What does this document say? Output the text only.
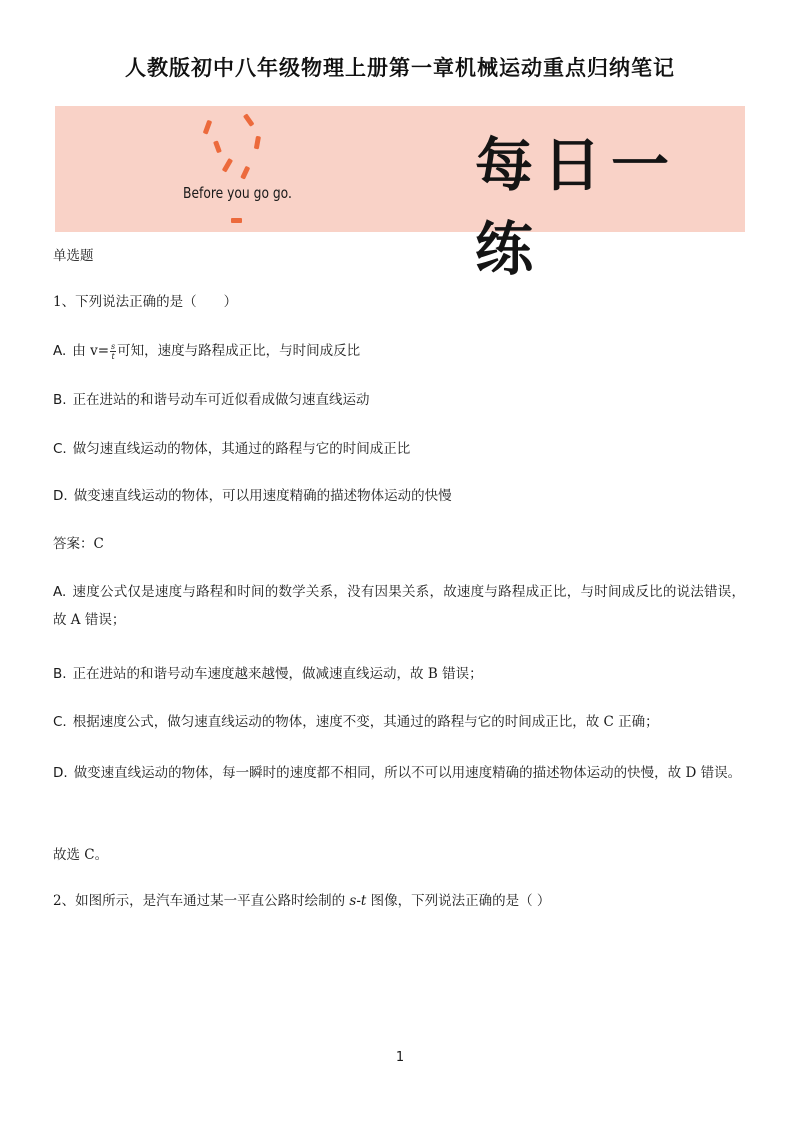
人教版初中八年级物理上册第一章机械运动重点归纳笔记
Before you go go.	每日一练
单选题
1、下列说法正确的是（　　）
A. 由 $v= \frac{s}{t}$ 可知，速度与路程成正比，与时间成反比
B. 正在进站的和谐号动车可近似看成做匀速直线运动
C. 做匀速直线运动的物体，其通过的路程与它的时间成正比
D. 做变速直线运动的物体，可以用速度精确的描述物体运动的快慢
答案：C
A. 速度公式仅是速度与路程和时间的数学关系，没有因果关系，故速度与路程成正比，与时间成反比的说法错误，故 A 错误；
B. 正在进站的和谐号动车速度越来越慢，做减速直线运动，故 B 错误；
C. 根据速度公式，做匀速直线运动的物体，速度不变，其通过的路程与它的时间成正比，故 C 正确；
D. 做变速直线运动的物体，每一瞬时的速度都不相同，所以不可以用速度精确的描述物体运动的快慢，故 D 错误。
故选 C。
2、如图所示，是汽车通过某一平直公路时绘制的 s-t 图像，下列说法正确的是（ ）
1
